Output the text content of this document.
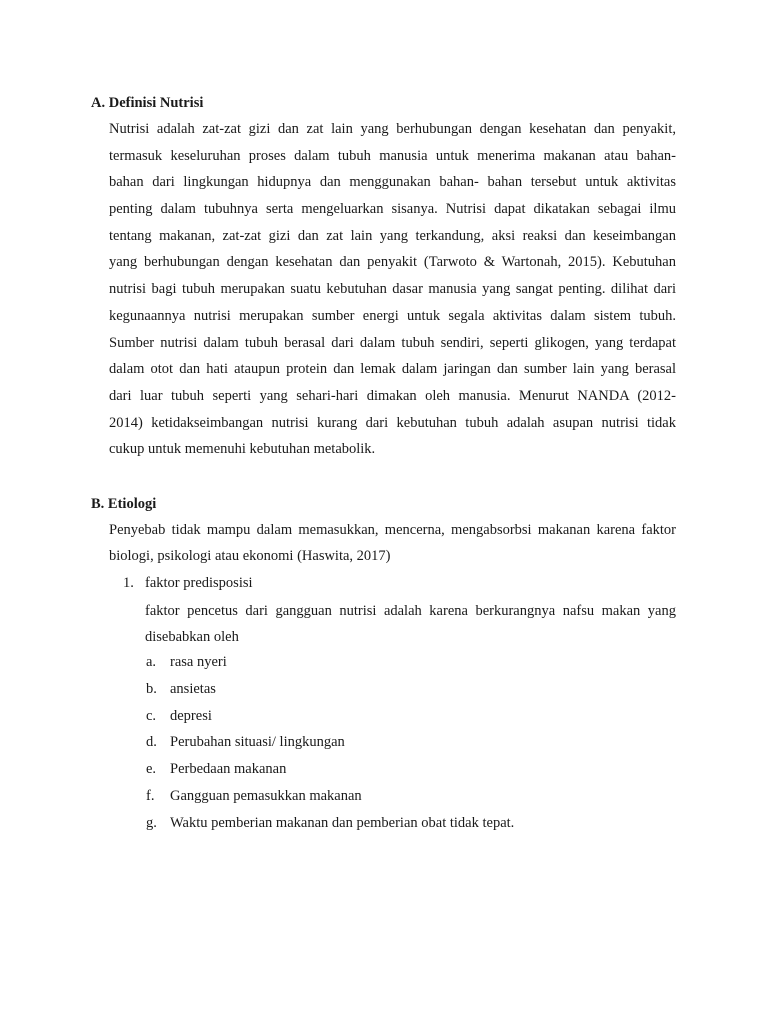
A. Definisi Nutrisi
Nutrisi adalah zat-zat gizi dan zat lain yang berhubungan dengan kesehatan dan penyakit,
termasuk keseluruhan proses dalam tubuh manusia untuk menerima makanan atau bahan-
bahan dari lingkungan hidupnya dan menggunakan bahan- bahan tersebut untuk aktivitas
penting dalam tubuhnya serta mengeluarkan sisanya. Nutrisi dapat dikatakan sebagai ilmu
tentang makanan, zat-zat gizi dan zat lain yang terkandung, aksi reaksi dan keseimbangan
yang berhubungan dengan kesehatan dan penyakit (Tarwoto & Wartonah, 2015). Kebutuhan
nutrisi bagi tubuh merupakan suatu kebutuhan dasar manusia yang sangat penting. dilihat dari
kegunaannya nutrisi merupakan sumber energi untuk segala aktivitas dalam sistem tubuh.
Sumber nutrisi dalam tubuh berasal dari dalam tubuh sendiri, seperti glikogen, yang terdapat
dalam otot dan hati ataupun protein dan lemak dalam jaringan dan sumber lain yang berasal
dari luar tubuh seperti yang sehari-hari dimakan oleh manusia. Menurut NANDA (2012-
2014) ketidakseimbangan nutrisi kurang dari kebutuhan tubuh adalah asupan nutrisi tidak
cukup untuk memenuhi kebutuhan metabolik.
B. Etiologi
Penyebab tidak mampu dalam memasukkan, mencerna, mengabsorbsi makanan karena faktor
biologi, psikologi atau ekonomi (Haswita, 2017)
1. faktor predisposisi
faktor pencetus dari gangguan nutrisi adalah karena berkurangnya nafsu makan yang
disebabkan oleh
a. rasa nyeri
b. ansietas
c. depresi
d. Perubahan situasi/ lingkungan
e. Perbedaan makanan
f. Gangguan pemasukkan makanan
g. Waktu pemberian makanan dan pemberian obat tidak tepat.
